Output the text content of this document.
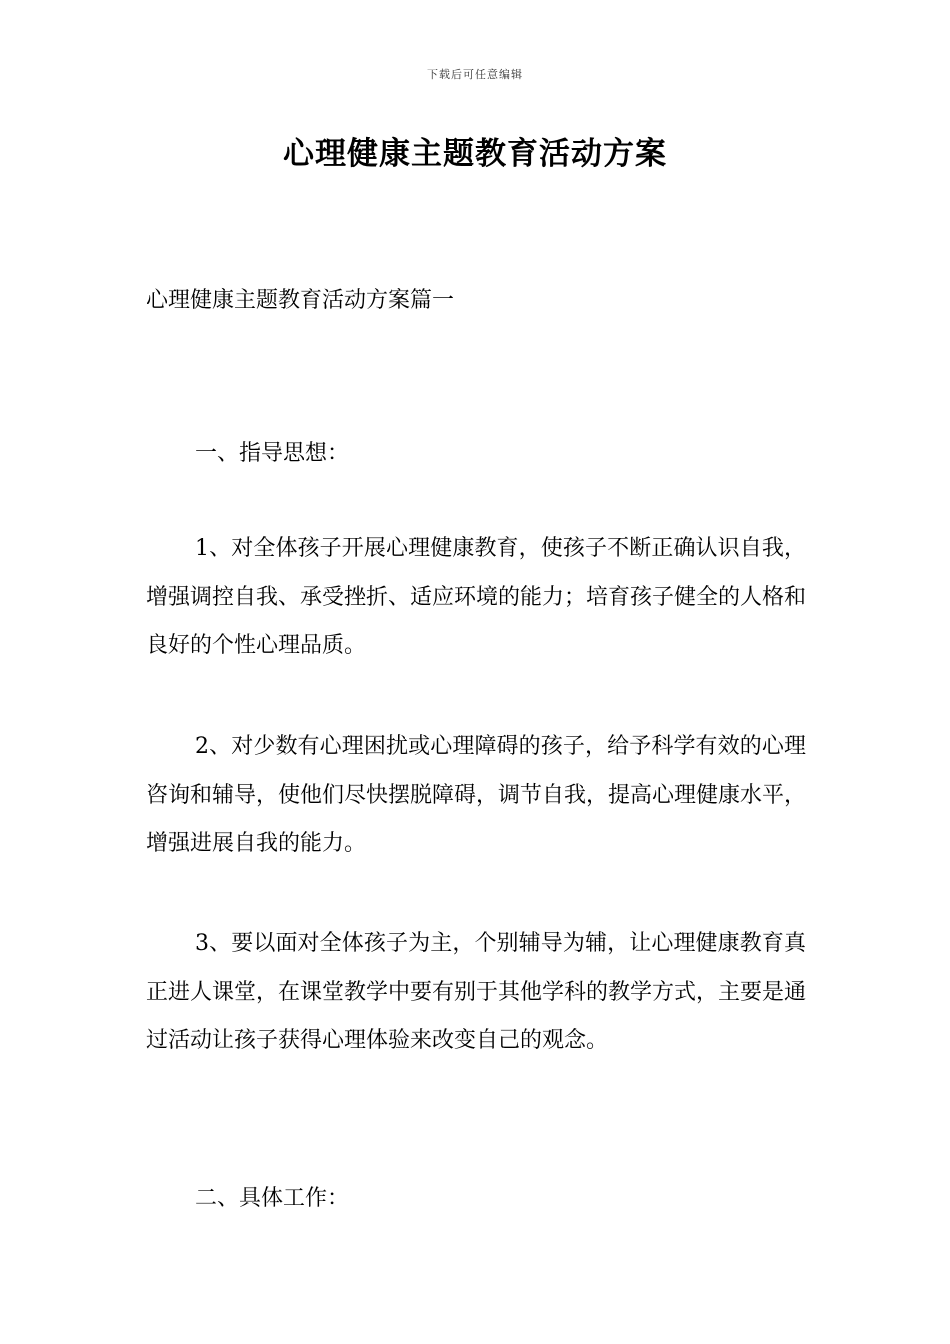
下载后可任意编辑
心理健康主题教育活动方案

心理健康主题教育活动方案篇一

一、指导思想：

1、对全体孩子开展心理健康教育，使孩子不断正确认识自我，增强调控自我、承受挫折、适应环境的能力；培育孩子健全的人格和良好的个性心理品质。

2、对少数有心理困扰或心理障碍的孩子，给予科学有效的心理咨询和辅导，使他们尽快摆脱障碍，调节自我，提高心理健康水平，增强进展自我的能力。

3、要以面对全体孩子为主，个别辅导为辅，让心理健康教育真正进人课堂，在课堂教学中要有别于其他学科的教学方式，主要是通过活动让孩子获得心理体验来改变自己的观念。

二、具体工作：
